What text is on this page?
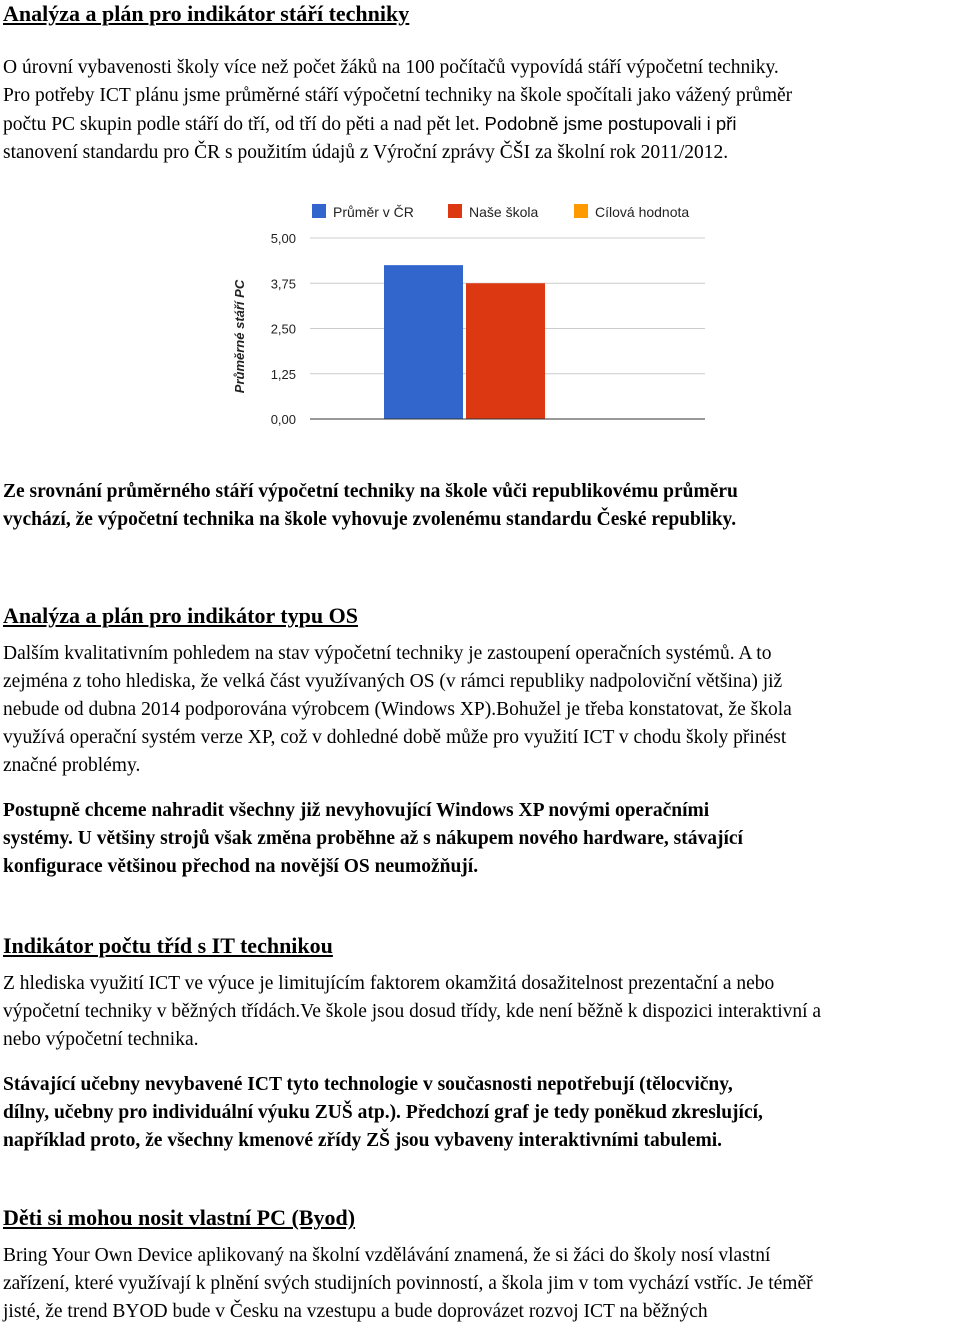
Analýza a plán pro indikátor stáří techniky

O úrovní vybavenosti školy více než počet žáků na 100 počítačů vypovídá stáří výpočetní techniky.
Pro potřeby ICT plánu jsme průměrné stáří výpočetní techniky na škole spočítali jako vážený průměr
počtu PC skupin podle stáří do tří, od tří do pěti a nad pět let. Podobně jsme postupovali i při
stanovení standardu pro ČR s použitím údajů z Výroční zprávy ČŠI za školní rok 2011/2012.

5,00
3,75
2,50
1,25
0,00
Průměrné stáří PC
Průměr v ČR	Naše škola	Cílová hodnota

Ze srovnání průměrného stáří výpočetní techniky na škole vůči republikovému průměru
vychází, že výpočetní technika na škole vyhovuje zvolenému standardu České republiky.

Analýza a plán pro indikátor typu OS

Dalším kvalitativním pohledem na stav výpočetní techniky je zastoupení operačních systémů. A to
zejména z toho hlediska, že velká část využívaných OS (v rámci republiky nadpoloviční většina) již
nebude od dubna 2014 podporována výrobcem (Windows XP).Bohužel je třeba konstatovat, že škola
využívá operační systém verze XP, což v dohledné době může pro využití ICT v chodu školy přinést
značné problémy.

Postupně chceme nahradit všechny již nevyhovující Windows XP novými operačními
systémy. U většiny strojů však změna proběhne až s nákupem nového hardware, stávající
konfigurace většinou přechod na novější OS neumožňují.

Indikátor počtu tříd s IT technikou

Z hlediska využití ICT ve výuce je limitujícím faktorem okamžitá dosažitelnost prezentační a nebo
výpočetní techniky v běžných třídách.Ve škole jsou dosud třídy, kde není běžně k dispozici interaktivní a
nebo výpočetní technika.

Stávající učebny nevybavené ICT tyto technologie v současnosti nepotřebují (tělocvičny,
dílny, učebny pro individuální výuku ZUŠ atp.). Předchozí graf je tedy poněkud zkreslující,
například proto, že všechny kmenové zřídy ZŠ jsou vybaveny interaktivními tabulemi.

Děti si mohou nosit vlastní PC (Byod)

Bring Your Own Device aplikovaný na školní vzdělávání znamená, že si žáci do školy nosí vlastní
zařízení, které využívají k plnění svých studijních povinností, a škola jim v tom vychází vstříc. Je téměř
jisté, že trend BYOD bude v Česku na vzestupu a bude doprovázet rozvoj ICT na běžných
